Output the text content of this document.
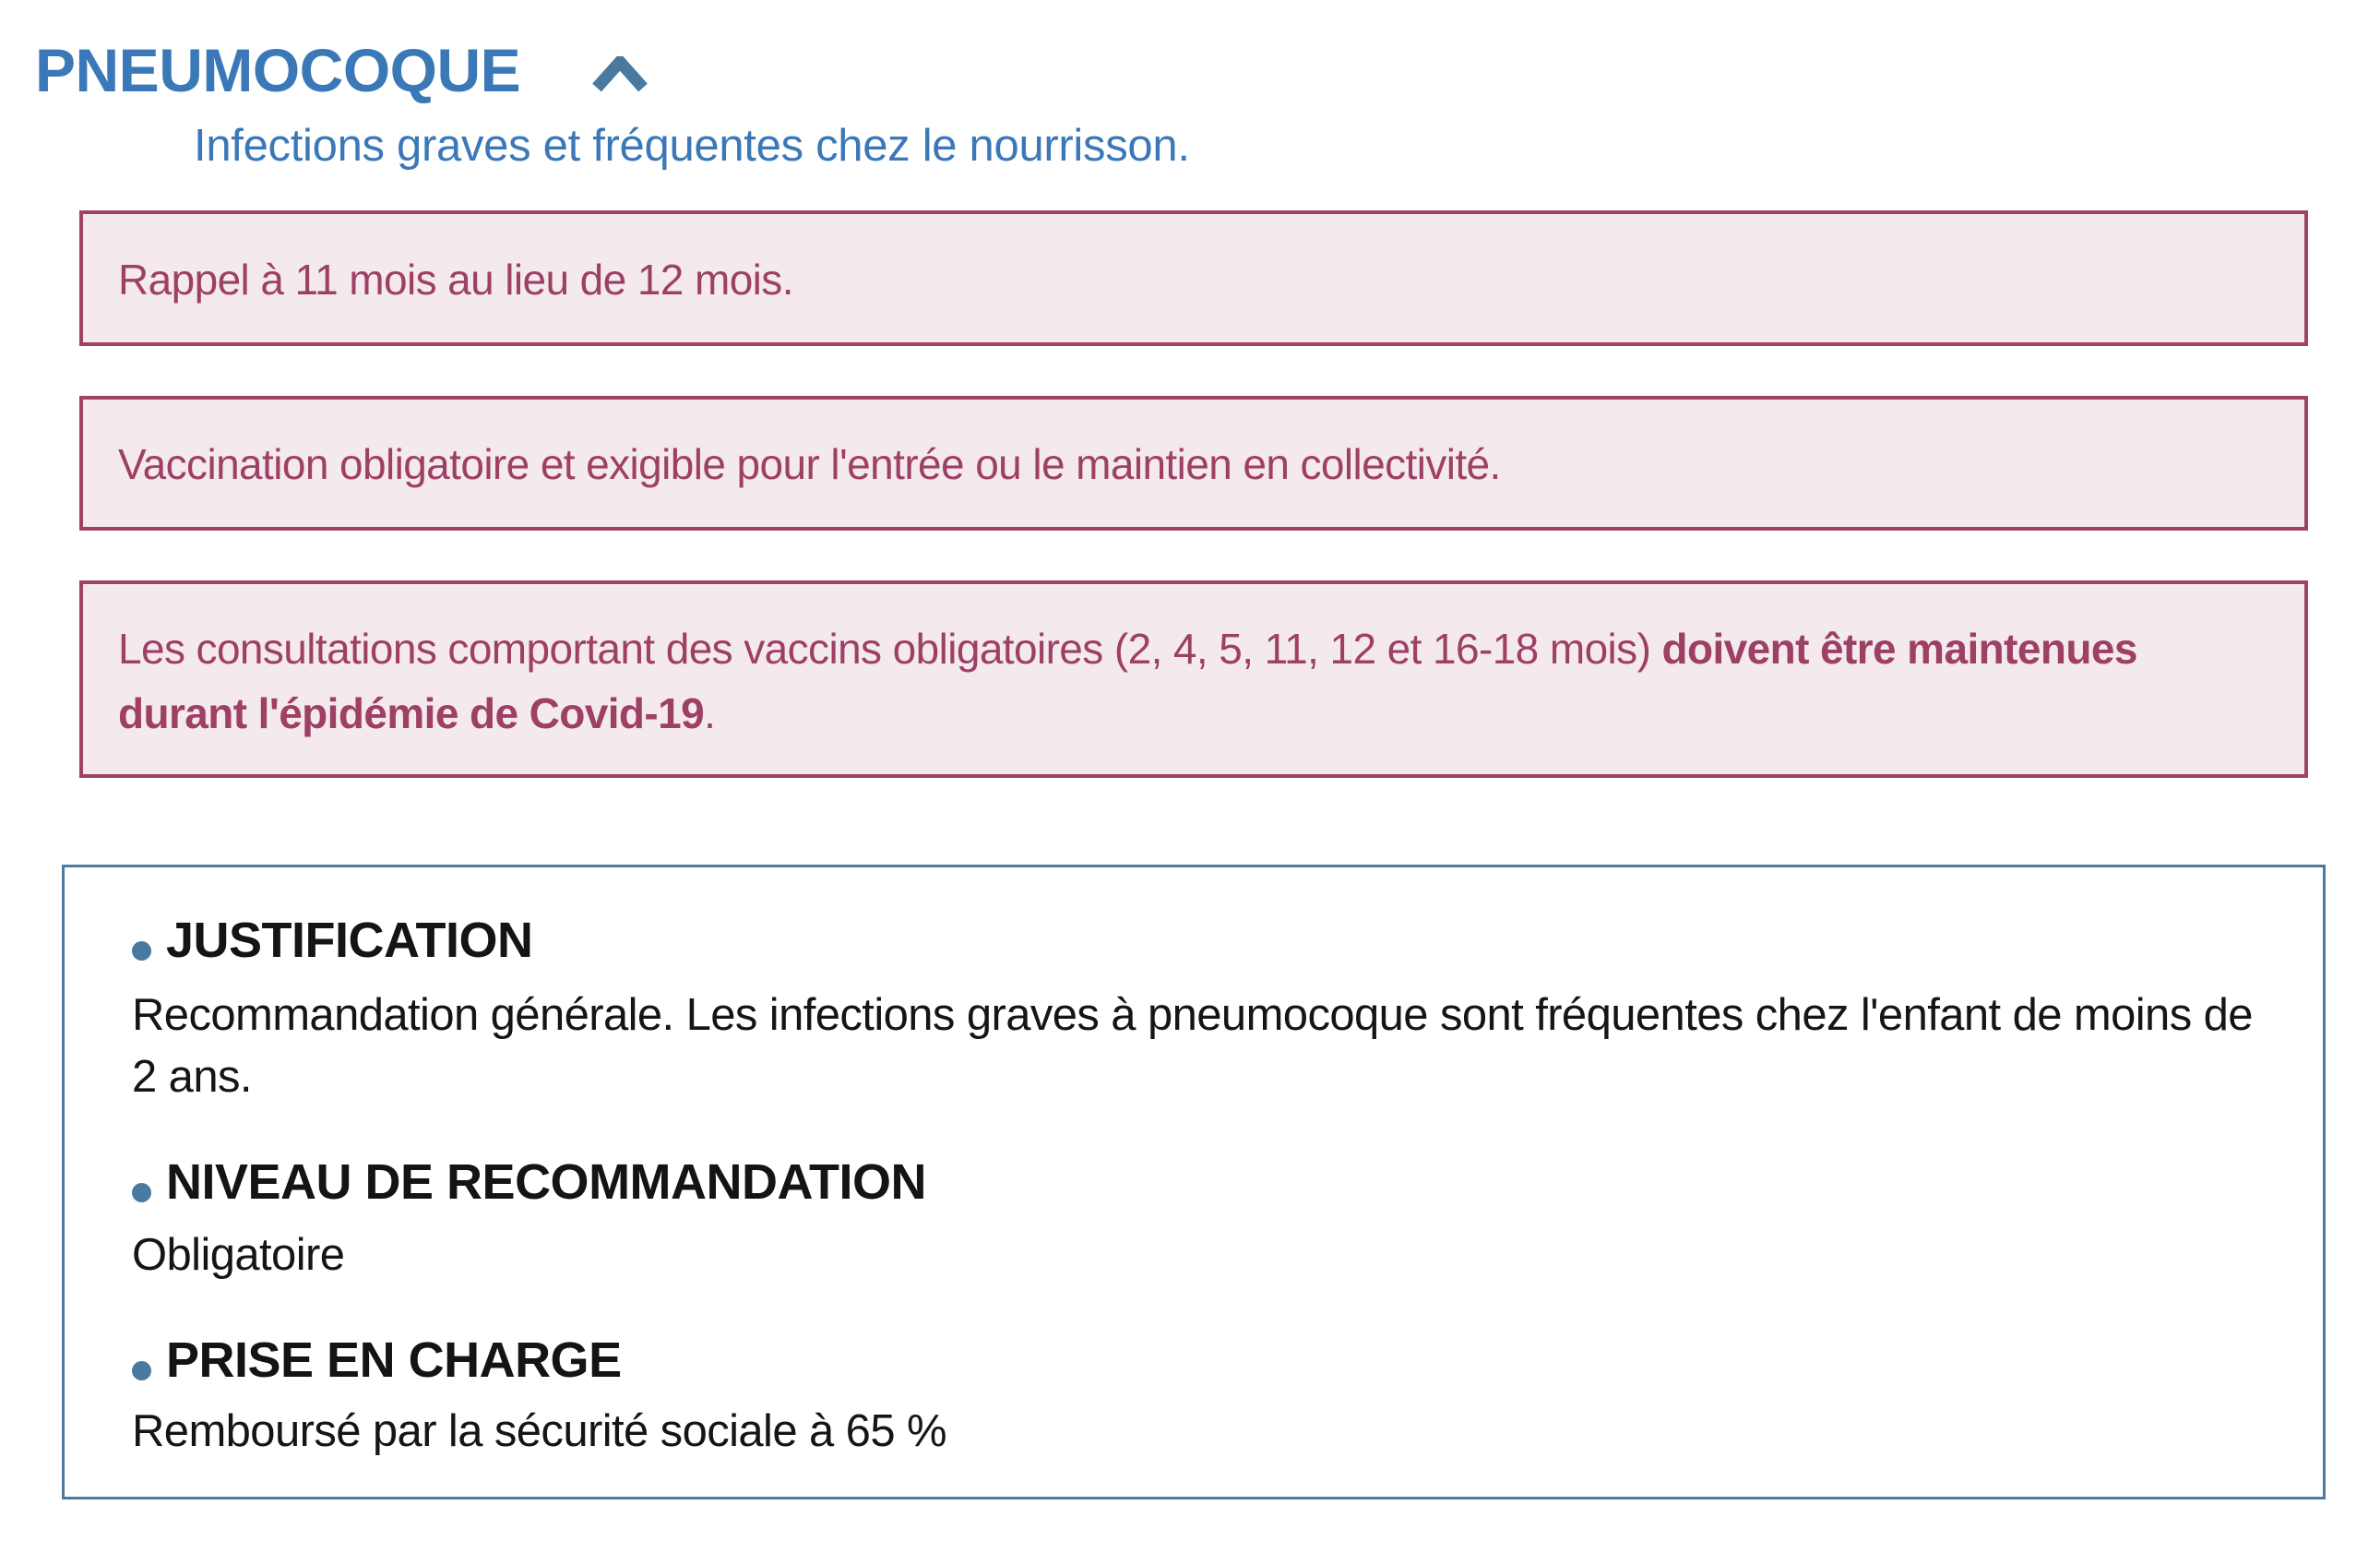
PNEUMOCOQUE

Infections graves et fréquentes chez le nourrisson.

Rappel à 11 mois au lieu de 12 mois.
Vaccination obligatoire et exigible pour l'entrée ou le maintien en collectivité.
Les consultations comportant des vaccins obligatoires (2, 4, 5, 11, 12 et 16-18 mois) doivent être maintenues durant l'épidémie de Covid-19.
JUSTIFICATION

Recommandation générale. Les infections graves à pneumocoque sont fréquentes chez l'enfant de moins de 2 ans.

NIVEAU DE RECOMMANDATION

Obligatoire

PRISE EN CHARGE

Remboursé par la sécurité sociale à 65 %
